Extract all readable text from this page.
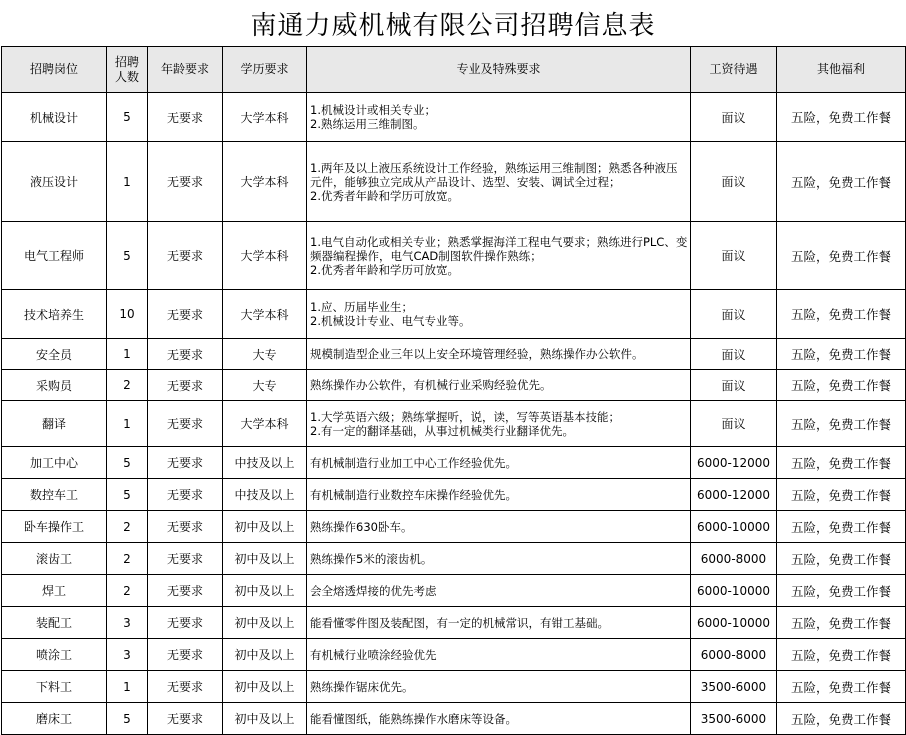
南通力威机械有限公司招聘信息表
招聘岗位	招聘
人数	年龄要求	学历要求	专业及特殊要求	工资待遇	其他福利

机械设计	5	无要求	大学本科	1.机械设计或相关专业；
2.熟练运用三维制图。	面议	五险，免费工作餐

液压设计	1	无要求	大学本科	1.两年及以上液压系统设计工作经验，熟练运用三维制图；熟悉各种液压元件，能够独立完成从产品设计、选型、安装、调试全过程；
2.优秀者年龄和学历可放宽。	面议	五险，免费工作餐

电气工程师	5	无要求	大学本科	1.电气自动化或相关专业；熟悉掌握海洋工程电气要求；熟练进行PLC、变频器编程操作，电气CAD制图软件操作熟练；
2.优秀者年龄和学历可放宽。	面议	五险，免费工作餐

技术培养生	10	无要求	大学本科	1.应、历届毕业生；
2.机械设计专业、电气专业等。	面议	五险，免费工作餐

安全员	1	无要求	大专	规模制造型企业三年以上安全环境管理经验，熟练操作办公软件。	面议	五险，免费工作餐

采购员	2	无要求	大专	熟练操作办公软件，有机械行业采购经验优先。	面议	五险，免费工作餐

翻译	1	无要求	大学本科	1.大学英语六级；熟练掌握听，说，读，写等英语基本技能；
2.有一定的翻译基础，从事过机械类行业翻译优先。	面议	五险，免费工作餐

加工中心	5	无要求	中技及以上	有机械制造行业加工中心工作经验优先。	6000-12000	五险，免费工作餐

数控车工	5	无要求	中技及以上	有机械制造行业数控车床操作经验优先。	6000-12000	五险，免费工作餐

卧车操作工	2	无要求	初中及以上	熟练操作630卧车。	6000-10000	五险，免费工作餐

滚齿工	2	无要求	初中及以上	熟练操作5米的滚齿机。	6000-8000	五险，免费工作餐

焊工	2	无要求	初中及以上	会全熔透焊接的优先考虑	6000-10000	五险，免费工作餐

装配工	3	无要求	初中及以上	能看懂零件图及装配图，有一定的机械常识，有钳工基础。	6000-10000	五险，免费工作餐

喷涂工	3	无要求	初中及以上	有机械行业喷涂经验优先	6000-8000	五险，免费工作餐

下料工	1	无要求	初中及以上	熟练操作锯床优先。	3500-6000	五险，免费工作餐

磨床工	5	无要求	初中及以上	能看懂图纸，能熟练操作水磨床等设备。	3500-6000	五险，免费工作餐
